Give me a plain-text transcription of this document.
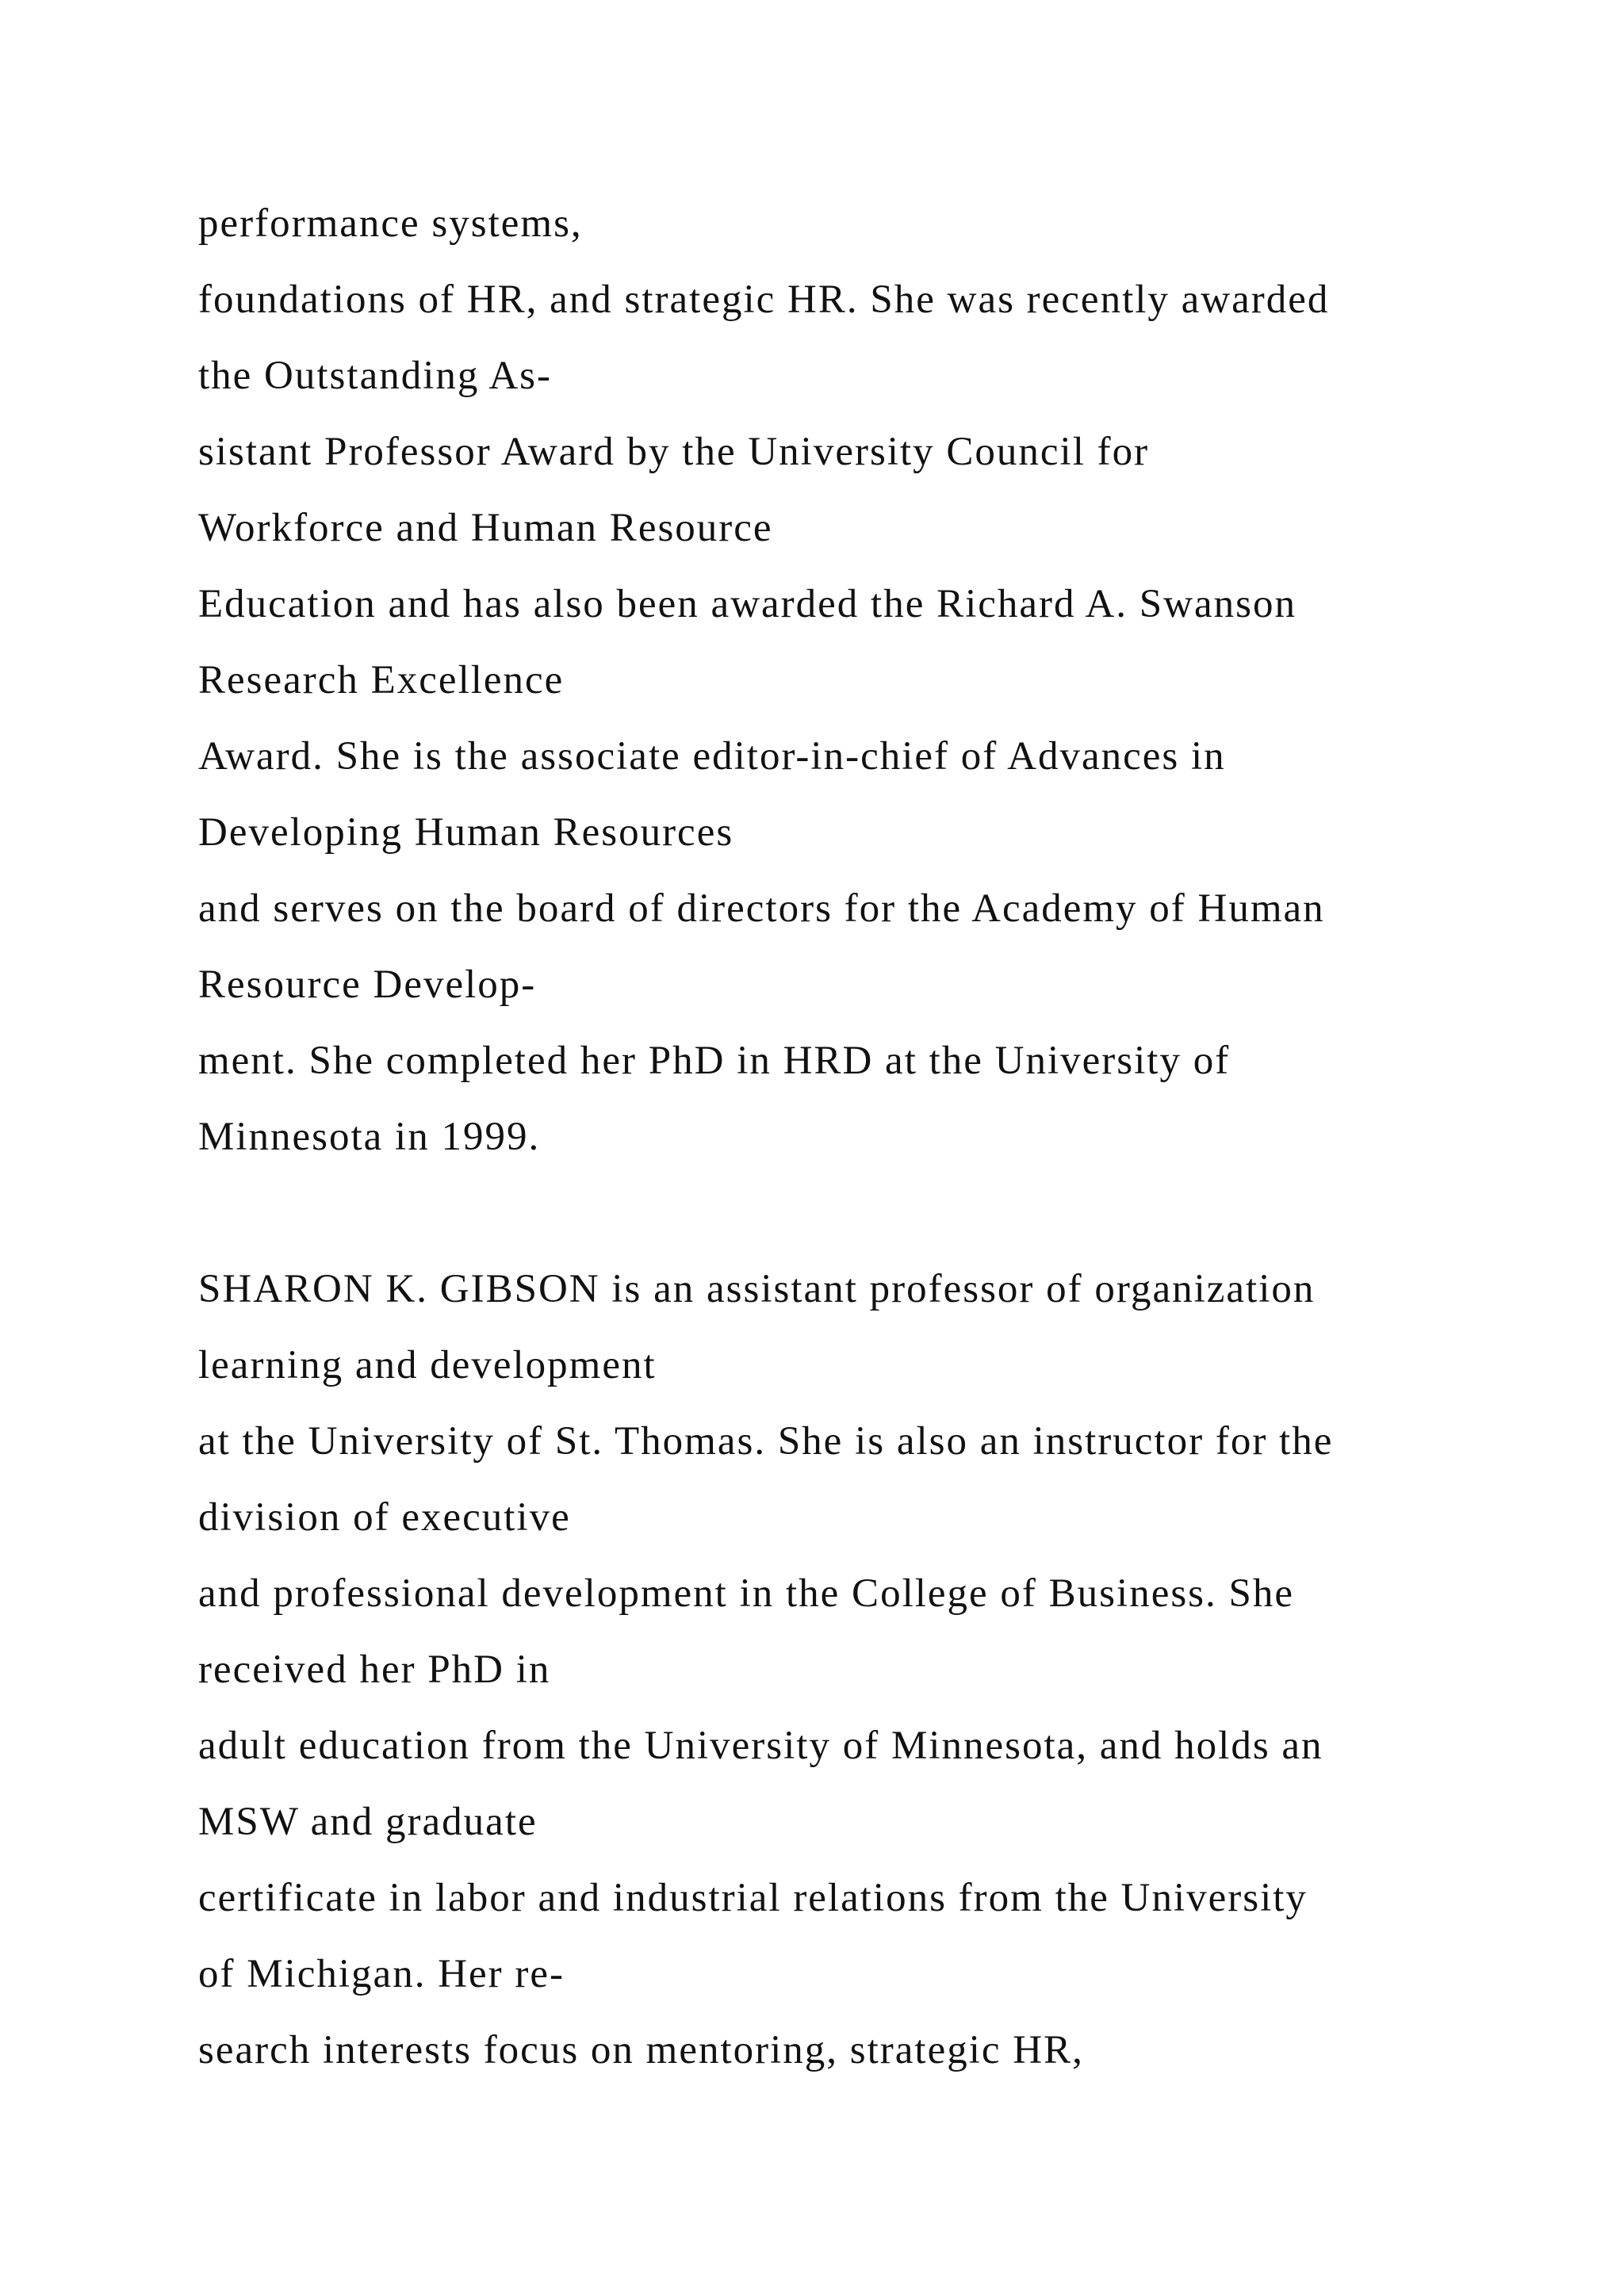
performance systems,
foundations of HR, and strategic HR. She was recently awarded
the Outstanding As-
sistant Professor Award by the University Council for
Workforce and Human Resource
Education and has also been awarded the Richard A. Swanson
Research Excellence
Award. She is the associate editor-in-chief of Advances in
Developing Human Resources
and serves on the board of directors for the Academy of Human
Resource Develop-
ment. She completed her PhD in HRD at the University of
Minnesota in 1999.
SHARON K. GIBSON is an assistant professor of organization
learning and development
at the University of St. Thomas. She is also an instructor for the
division of executive
and professional development in the College of Business. She
received her PhD in
adult education from the University of Minnesota, and holds an
MSW and graduate
certificate in labor and industrial relations from the University
of Michigan. Her re-
search interests focus on mentoring, strategic HR,
